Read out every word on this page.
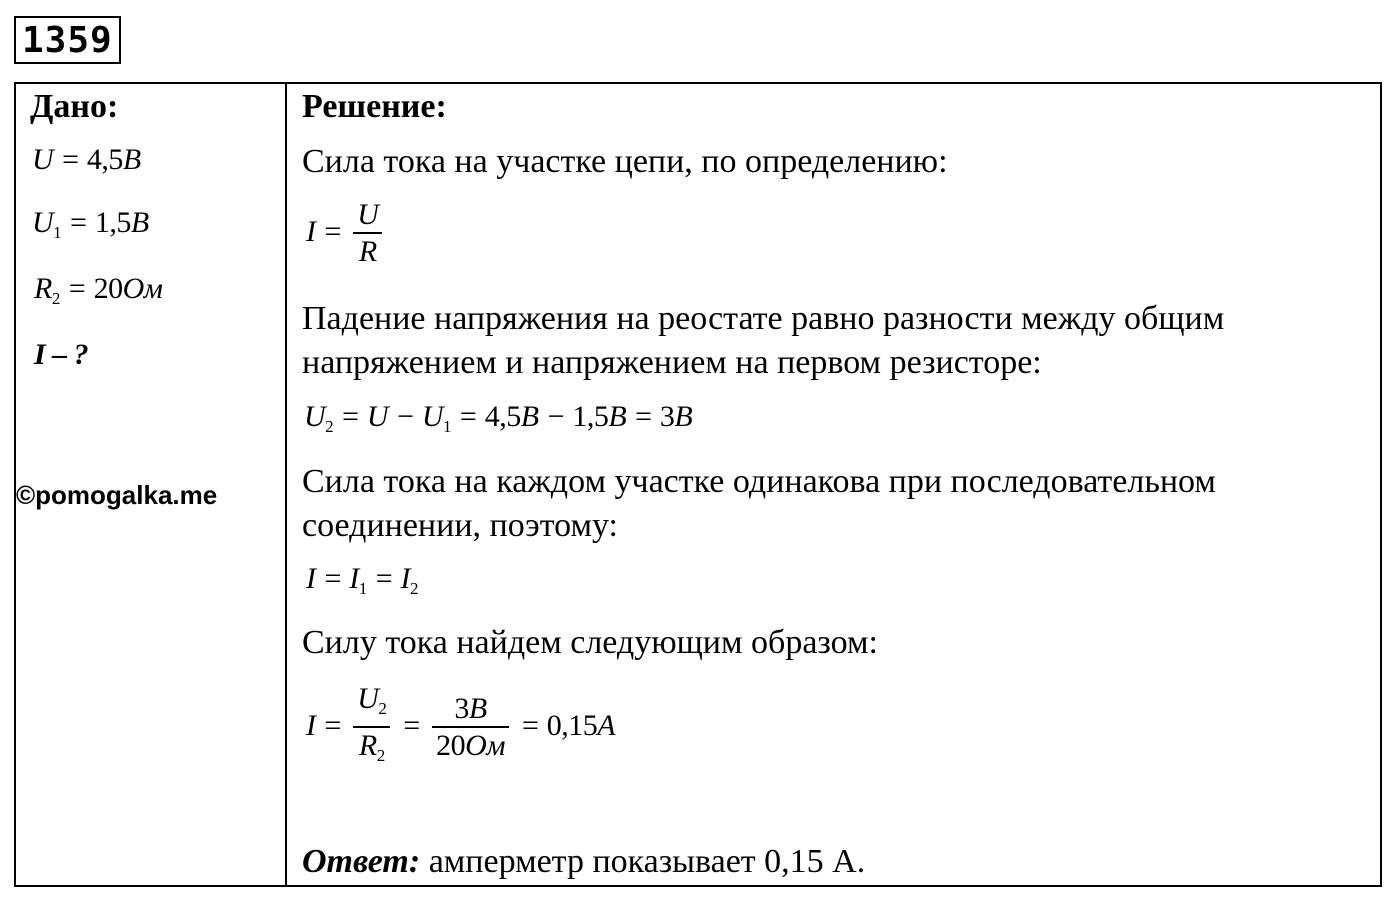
1359
Дано:
U = 4,5B
$U_1 = 1,5B$
$R_2 = 20Ом$
I – ?
©pomogalka.me
Решение:
Сила тока на участке цепи, по определению:
$I = \frac{U}{R}$
Падение напряжения на реостате равно разности между общим
напряжением и напряжением на первом резисторе:
$U_2 = U - U_1 = 4,5B - 1,5B = 3B$
Сила тока на каждом участке одинакова при последовательном
соединении, поэтому:
$I = I_1 = I_2$
Силу тока найдем следующим образом:
$I = \frac{U_2}{R_2} = \frac{3B}{20Ом} = 0,15A$
Ответ: амперметр показывает 0,15 А.
